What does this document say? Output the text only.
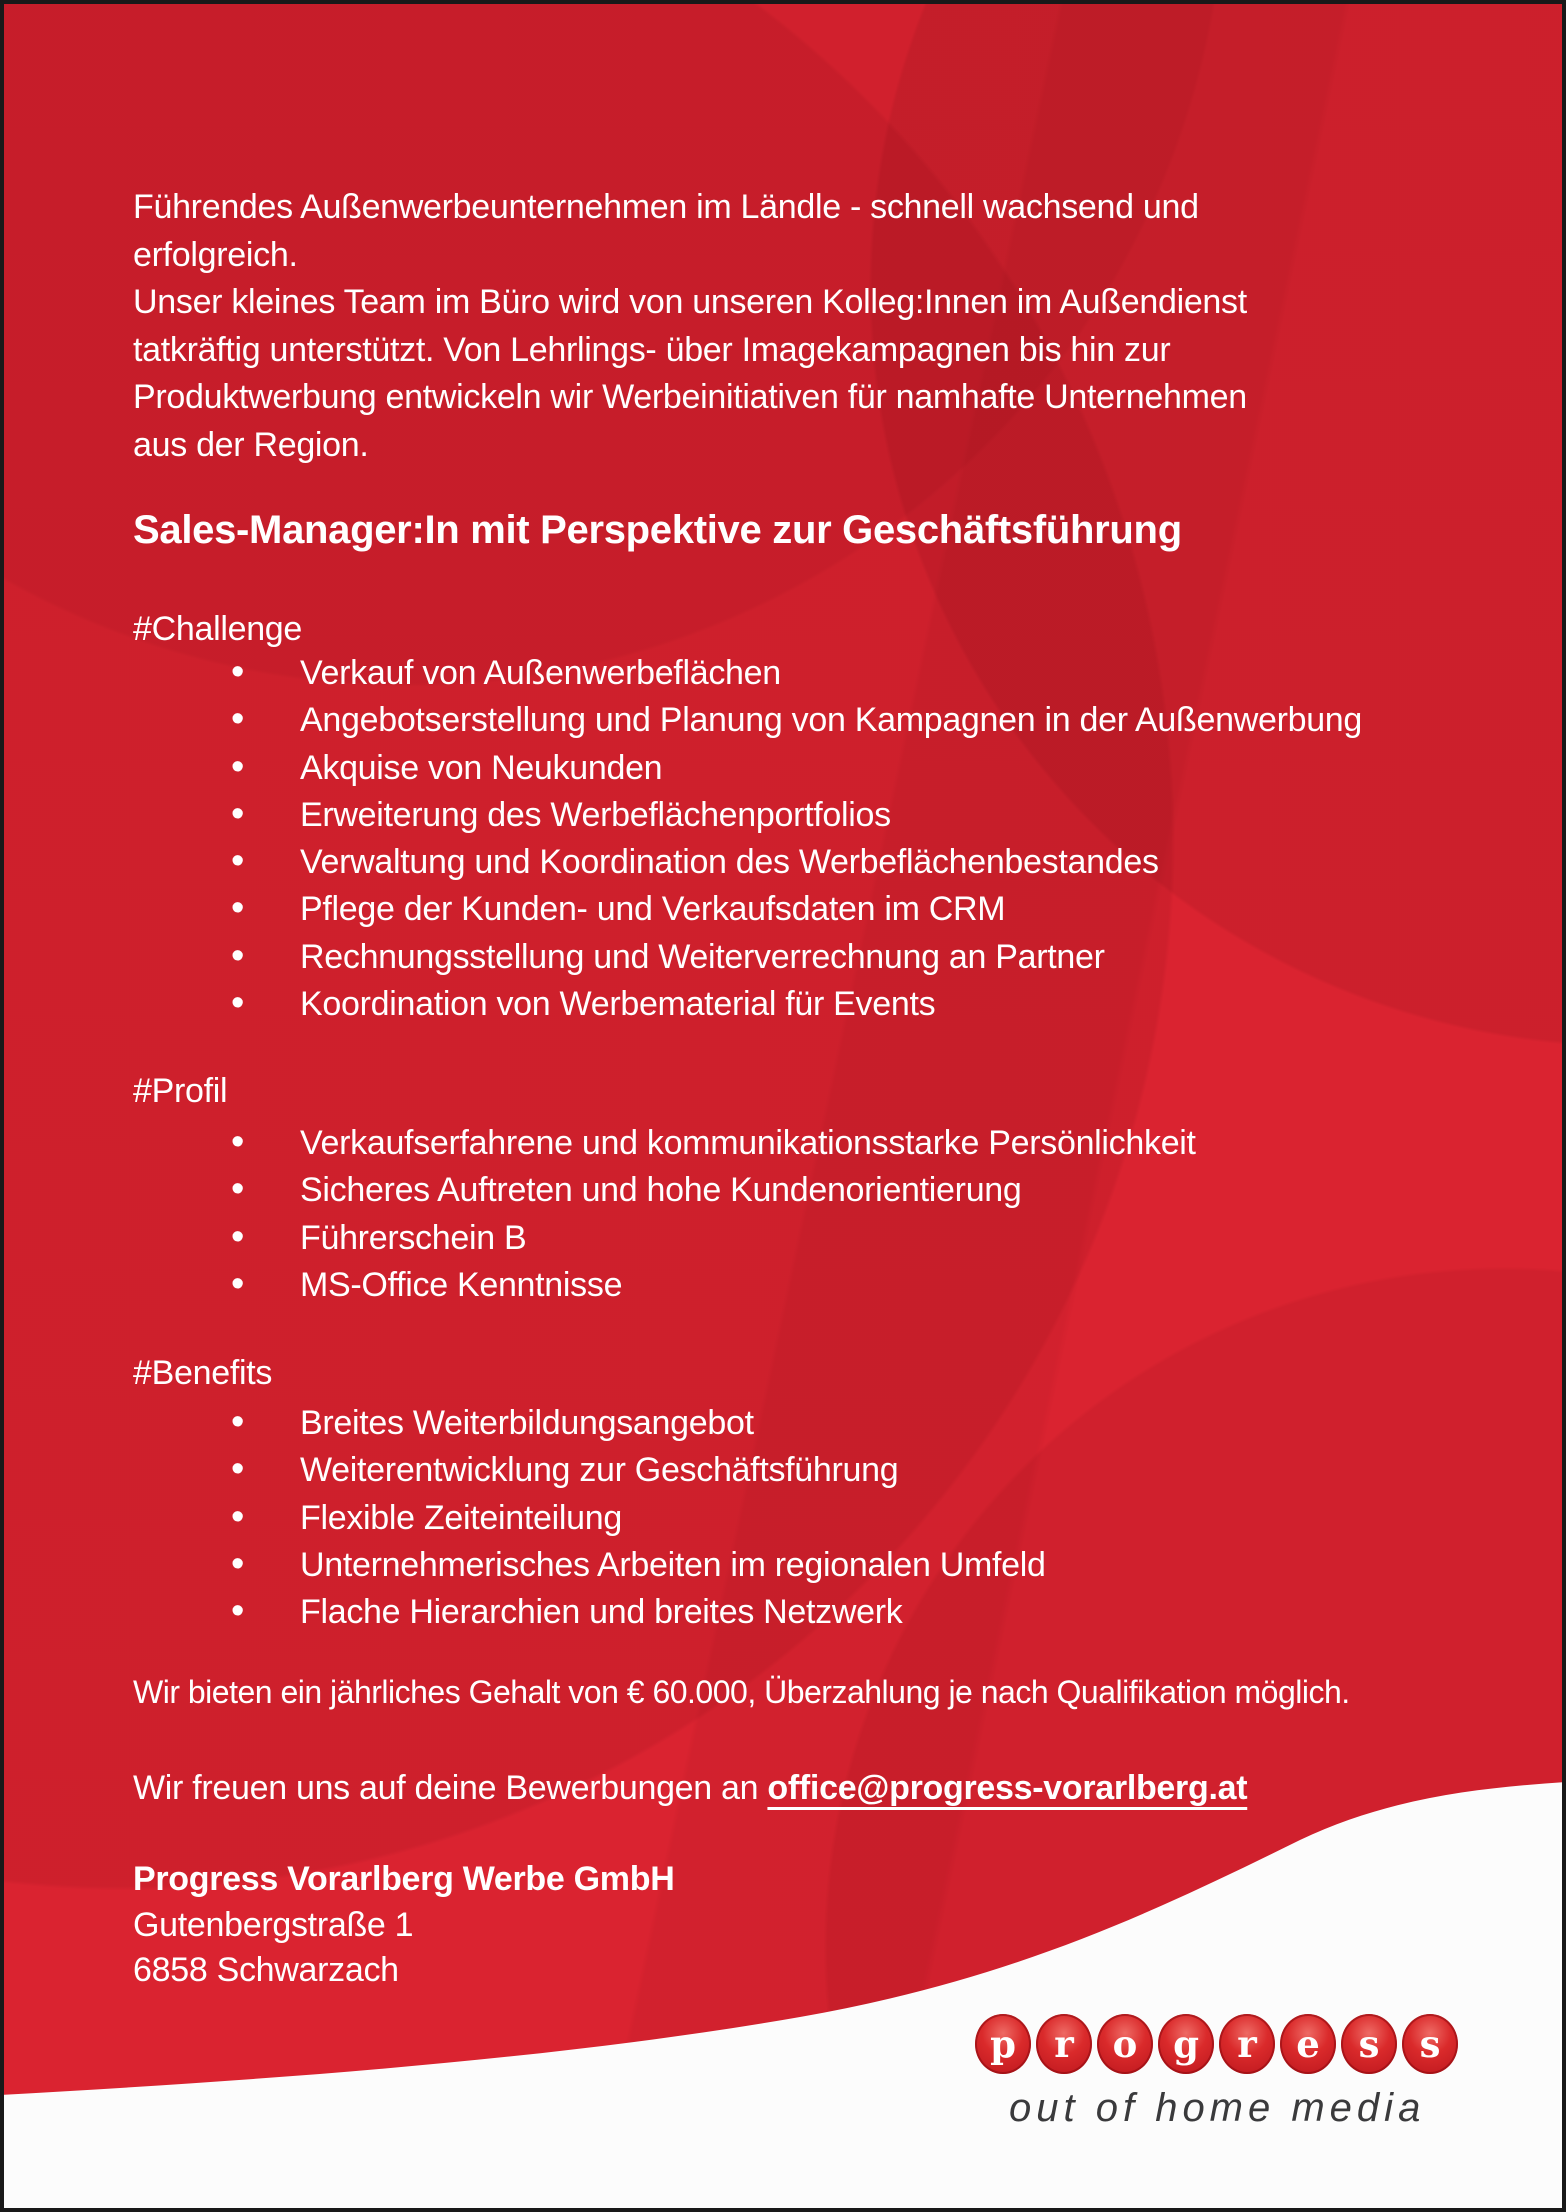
Führendes Außenwerbeunternehmen im Ländle - schnell wachsend und
erfolgreich.
Unser kleines Team im Büro wird von unseren Kolleg:Innen im Außendienst
tatkräftig unterstützt. Von Lehrlings- über Imagekampagnen bis hin zur
Produktwerbung entwickeln wir Werbeinitiativen für namhafte Unternehmen
aus der Region.
Sales-Manager:In mit Perspektive zur Geschäftsführung
#Challenge
• Verkauf von Außenwerbeflächen
• Angebotserstellung und Planung von Kampagnen in der Außenwerbung
• Akquise von Neukunden
• Erweiterung des Werbeflächenportfolios
• Verwaltung und Koordination des Werbeflächenbestandes
• Pflege der Kunden- und Verkaufsdaten im CRM
• Rechnungsstellung und Weiterverrechnung an Partner
• Koordination von Werbematerial für Events
#Profil
• Verkaufserfahrene und kommunikationsstarke Persönlichkeit
• Sicheres Auftreten und hohe Kundenorientierung
• Führerschein B
• MS-Office Kenntnisse
#Benefits
• Breites Weiterbildungsangebot
• Weiterentwicklung zur Geschäftsführung
• Flexible Zeiteinteilung
• Unternehmerisches Arbeiten im regionalen Umfeld
• Flache Hierarchien und breites Netzwerk
Wir bieten ein jährliches Gehalt von € 60.000, Überzahlung je nach Qualifikation möglich.
Wir freuen uns auf deine Bewerbungen an office@progress-vorarlberg.at
Progress Vorarlberg Werbe GmbH
Gutenbergstraße 1
6858 Schwarzach
p r o g r e s s
out of home media
